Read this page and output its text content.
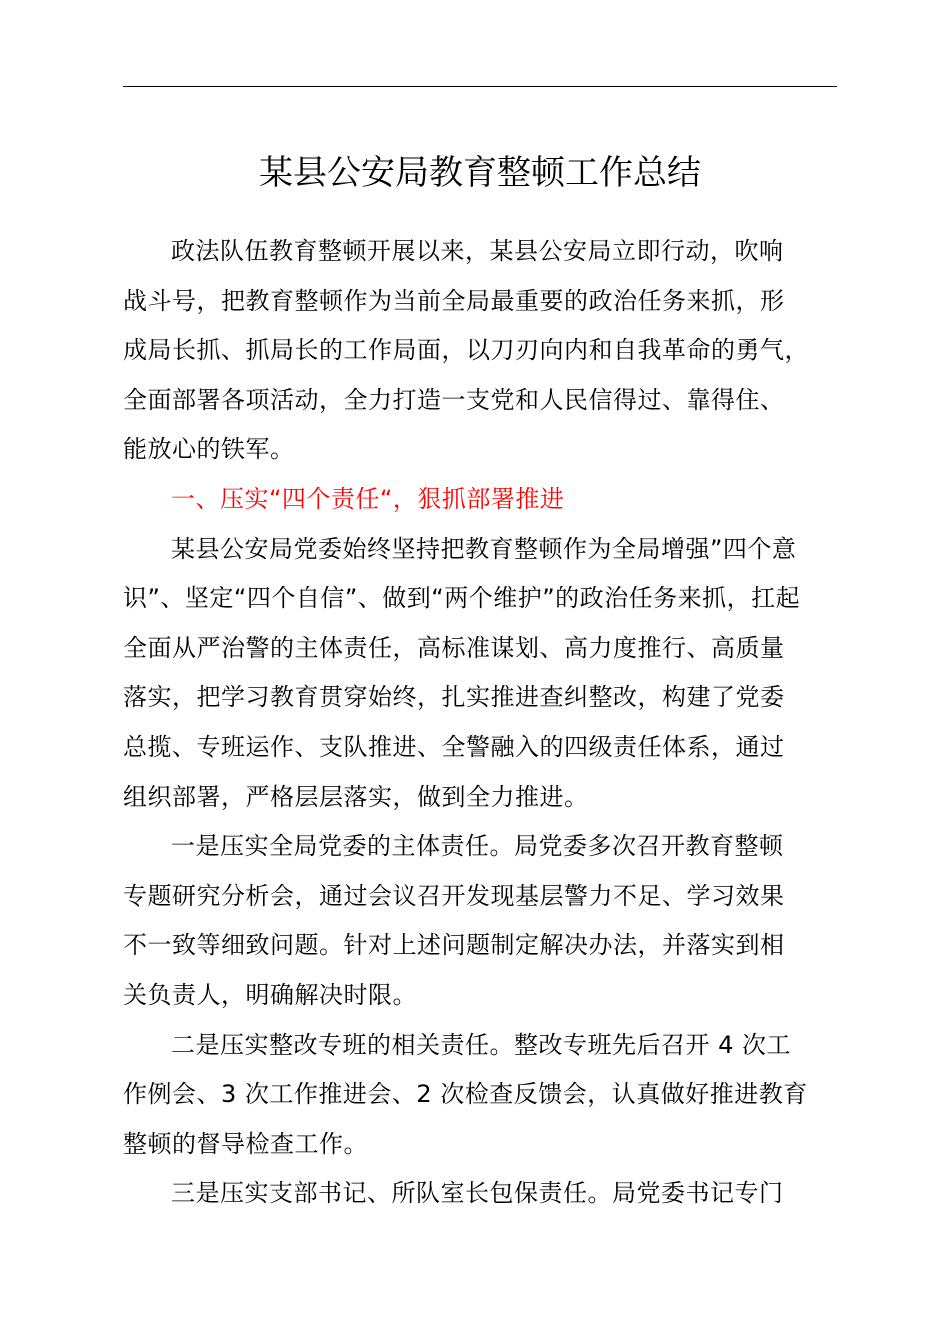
某县公安局教育整顿工作总结

政法队伍教育整顿开展以来，某县公安局立即行动，吹响
战斗号，把教育整顿作为当前全局最重要的政治任务来抓，形
成局长抓、抓局长的工作局面，以刀刃向内和自我革命的勇气，
全面部署各项活动，全力打造一支党和人民信得过、靠得住、
能放心的铁军。

一、压实“四个责任“，狠抓部署推进

某县公安局党委始终坚持把教育整顿作为全局增强”四个意
识”、坚定“四个自信”、做到“两个维护”的政治任务来抓，扛起
全面从严治警的主体责任，高标准谋划、高力度推行、高质量
落实，把学习教育贯穿始终，扎实推进查纠整改，构建了党委
总揽、专班运作、支队推进、全警融入的四级责任体系，通过
组织部署，严格层层落实，做到全力推进。

一是压实全局党委的主体责任。局党委多次召开教育整顿
专题研究分析会，通过会议召开发现基层警力不足、学习效果
不一致等细致问题。针对上述问题制定解决办法，并落实到相
关负责人，明确解决时限。

二是压实整改专班的相关责任。整改专班先后召开 4 次工
作例会、3 次工作推进会、2 次检查反馈会，认真做好推进教育
整顿的督导检查工作。

三是压实支部书记、所队室长包保责任。局党委书记专门
